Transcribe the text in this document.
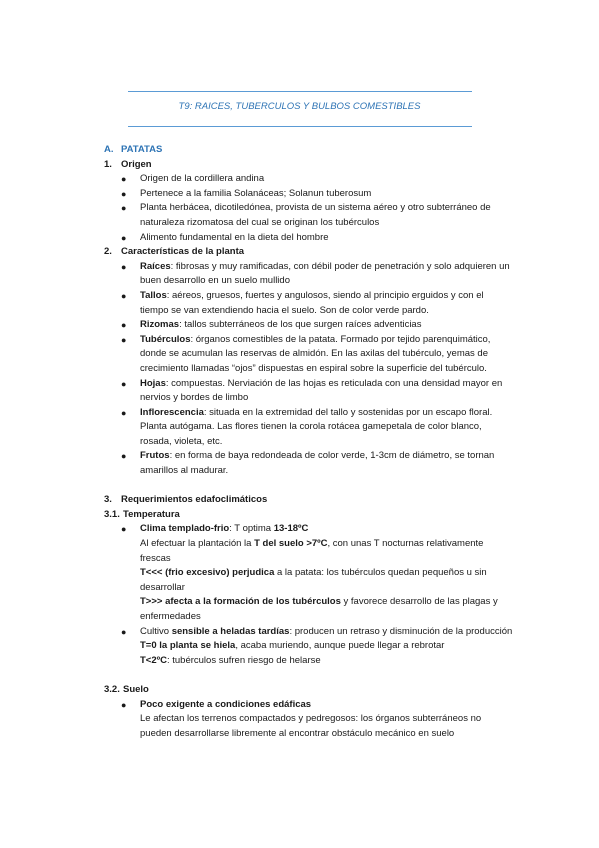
T9: RAICES, TUBERCULOS Y BULBOS COMESTIBLES
A. PATATAS
1. Origen
● Origen de la cordillera andina
● Pertenece a la familia Solanáceas; Solanun tuberosum
● Planta herbácea, dicotiledónea, provista de un sistema aéreo y otro subterráneo de naturaleza rizomatosa del cual se originan los tubérculos
● Alimento fundamental en la dieta del hombre
2. Características de la planta
● Raíces: fibrosas y muy ramificadas, con débil poder de penetración y solo adquieren un buen desarrollo en un suelo mullido
● Tallos: aéreos, gruesos, fuertes y angulosos, siendo al principio erguidos y con el tiempo se van extendiendo hacia el suelo. Son de color verde pardo.
● Rizomas: tallos subterráneos de los que surgen raíces adventicias
● Tubérculos: órganos comestibles de la patata. Formado por tejido parenquimático, donde se acumulan las reservas de almidón. En las axilas del tubérculo, yemas de crecimiento llamadas “ojos” dispuestas en espiral sobre la superficie del tubérculo.
● Hojas: compuestas. Nerviación de las hojas es reticulada con una densidad mayor en nervios y bordes de limbo
● Inflorescencia: situada en la extremidad del tallo y sostenidas por un escapo floral. Planta autógama. Las flores tienen la corola rotácea gamepetala de color blanco, rosada, violeta, etc.
● Frutos: en forma de baya redondeada de color verde, 1-3cm de diámetro, se tornan amarillos al madurar.
3. Requerimientos edafoclimáticos
3.1. Temperatura
● Clima templado-frio: T optima 13-18ºC
Al efectuar la plantación la T del suelo >7ºC, con unas T nocturnas relativamente frescas
T<<< (frio excesivo) perjudica a la patata: los tubérculos quedan pequeños u sin desarrollar
T>>> afecta a la formación de los tubérculos y favorece desarrollo de las plagas y enfermedades
● Cultivo sensible a heladas tardías: producen un retraso y disminución de la producción
T=0 la planta se hiela, acaba muriendo, aunque puede llegar a rebrotar
T<2ºC: tubérculos sufren riesgo de helarse
3.2. Suelo
● Poco exigente a condiciones edáficas
Le afectan los terrenos compactados y pedregosos: los órganos subterráneos no pueden desarrollarse libremente al encontrar obstáculo mecánico en suelo
